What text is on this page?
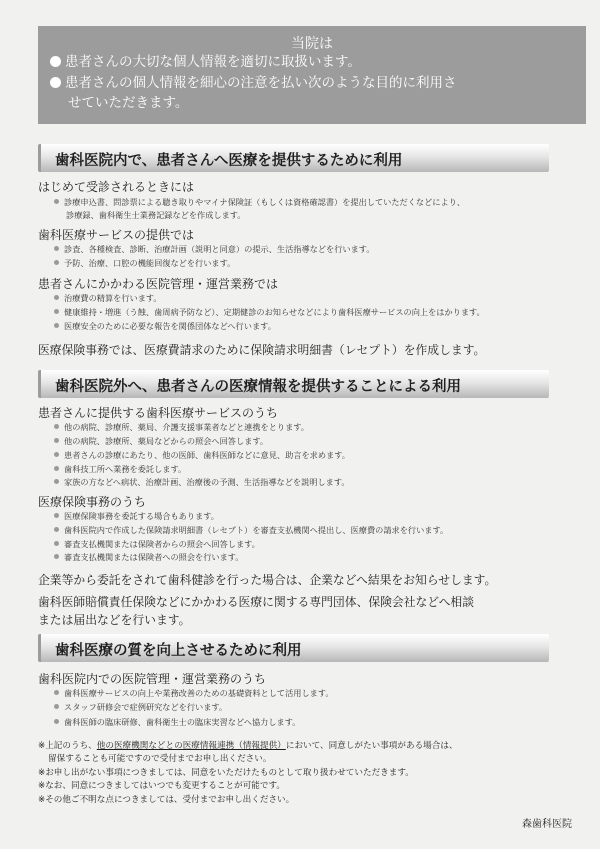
当院は
患者さんの大切な個人情報を適切に取扱います。
患者さんの個人情報を細心の注意を払い次のような目的に利用さ
せていただきます。
歯科医院内で、患者さんへ医療を提供するために利用
はじめて受診されるときには
診療申込書、問診票による聴き取りやマイナ保険証（もしくは資格確認書）を提出していただくなどにより、
診療録、歯科衛生士業務記録などを作成します。
歯科医療サービスの提供では
診査、各種検査、診断、治療計画（説明と同意）の提示、生活指導などを行います。
予防、治療、口腔の機能回復などを行います。
患者さんにかかわる医院管理・運営業務では
治療費の精算を行います。
健康維持・増進（う蝕、歯周病予防など）、定期健診のお知らせなどにより歯科医療サービスの向上をはかります。
医療安全のために必要な報告を関係団体などへ行います。
医療保険事務では、医療費請求のために保険請求明細書（レセプト）を作成します。
歯科医院外へ、患者さんの医療情報を提供することによる利用
患者さんに提供する歯科医療サービスのうち
他の病院、診療所、薬局、介護支援事業者などと連携をとります。
他の病院、診療所、薬局などからの照会へ回答します。
患者さんの診療にあたり、他の医師、歯科医師などに意見、助言を求めます。
歯科技工所へ業務を委託します。
家族の方などへ病状、治療計画、治療後の予測、生活指導などを説明します。
医療保険事務のうち
医療保険事務を委託する場合もあります。
歯科医院内で作成した保険請求明細書（レセプト）を審査支払機関へ提出し、医療費の請求を行います。
審査支払機関または保険者からの照会へ回答します。
審査支払機関または保険者への照会を行います。
企業等から委託をされて歯科健診を行った場合は、企業などへ結果をお知らせします。
歯科医師賠償責任保険などにかかわる医療に関する専門団体、保険会社などへ相談
または届出などを行います。
歯科医療の質を向上させるために利用
歯科医院内での医院管理・運営業務のうち
歯科医療サービスの向上や業務改善のための基礎資料として活用します。
スタッフ研修会で症例研究などを行います。
歯科医師の臨床研修、歯科衛生士の臨床実習などへ協力します。
※上記のうち、他の医療機関などとの医療情報連携（情報提供）において、同意しがたい事項がある場合は、
留保することも可能ですので受付までお申し出ください。
※お申し出がない事項につきましては、同意をいただけたものとして取り扱わせていただきます。
※なお、同意につきましてはいつでも変更することが可能です。
※その他ご不明な点につきましては、受付までお申し出ください。
森歯科医院
